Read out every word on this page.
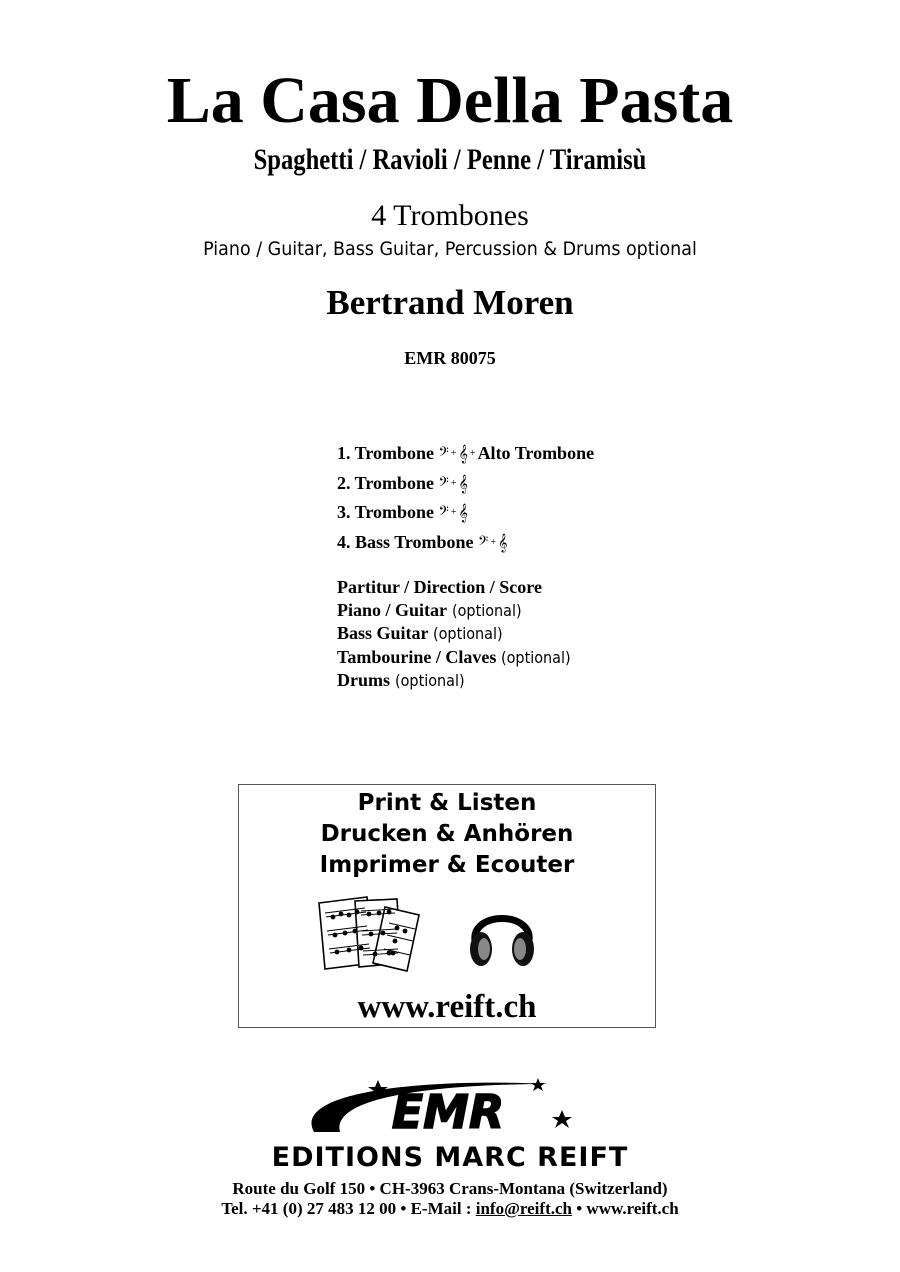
La Casa Della Pasta
Spaghetti / Ravioli / Penne / Tiramisù
4 Trombones
Piano / Guitar, Bass Guitar, Percussion & Drums optional
Bertrand Moren
EMR 80075
1. Trombone 𝄢 + 𝄞 + Alto Trombone
2. Trombone 𝄢 + 𝄞
3. Trombone 𝄢 + 𝄞
4. Bass Trombone 𝄢 + 𝄞
Partitur / Direction / Score
Piano / Guitar (optional)
Bass Guitar (optional)
Tambourine / Claves (optional)
Drums (optional)
Print & Listen
Drucken & Anhören
Imprimer & Ecouter
www.reift.ch
EMR
EDITIONS MARC REIFT
Route du Golf 150 • CH-3963 Crans-Montana (Switzerland)
Tel. +41 (0) 27 483 12 00 • E-Mail : info@reift.ch • www.reift.ch
